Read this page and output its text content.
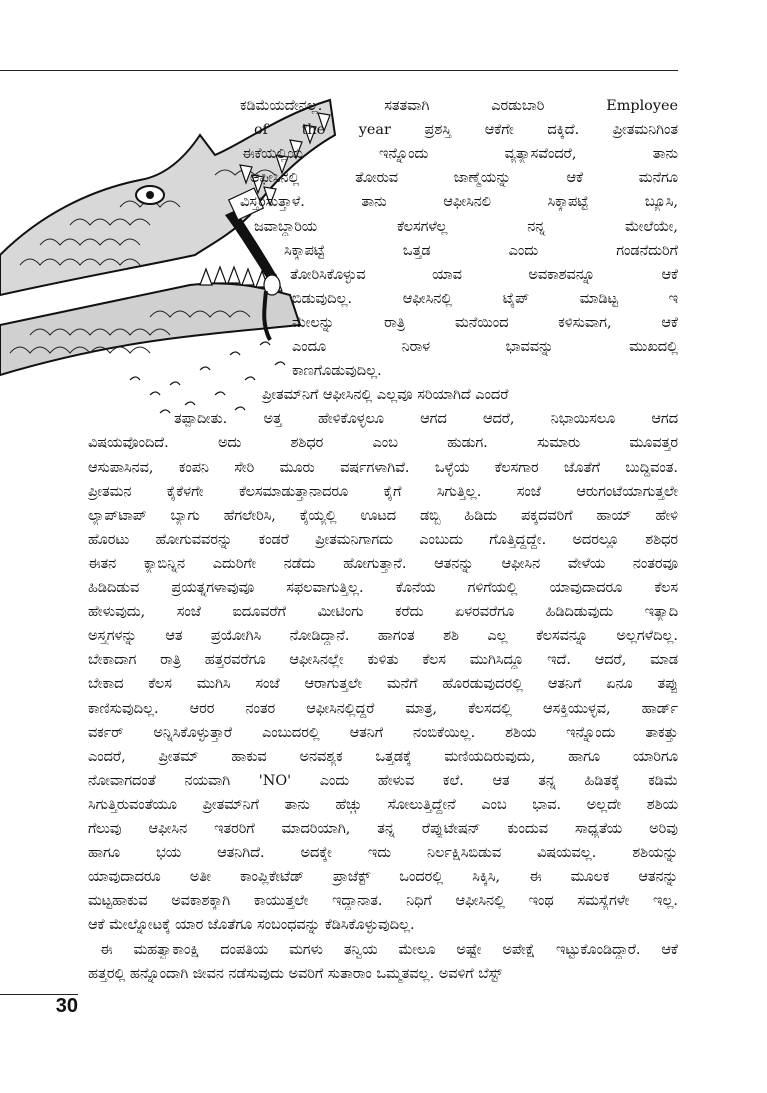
ಕಡಿಮೆಯದೇನಲ್ಲ. ಸತತವಾಗಿ ಎರಡುಬಾರಿ Employee
of the year ಪ್ರಶಸ್ತಿ ಆಕೆಗೇ ದಕ್ಕಿದೆ. ಪ್ರೀತಮನಿಗಿಂತ
ಈಕೆಯಲ್ಲಿಯ ಇನ್ನೊಂದು ವ್ಯತ್ಯಾಸವೆಂದರೆ, ತಾನು
ಆಫೀಸಿನಲ್ಲಿ ತೋರುವ ಜಾಣ್ಮೆಯನ್ನು ಆಕೆ ಮನೆಗೂ
ವಿಸ್ತರಿಸುತ್ತಾಳೆ. ತಾನು ಆಫೀಸಿನಲಿ ಸಿಕ್ಕಾಪಟ್ಟೆ ಬ್ಯೂಸಿ,
ಜವಾಬ್ದಾರಿಯ ಕೆಲಸಗಳೆಲ್ಲ ನನ್ನ ಮೇಲೆಯೇ,
ಸಿಕ್ಕಾಪಟ್ಟೆ ಒತ್ತಡ ಎಂದು ಗಂಡನೆದುರಿಗೆ
ತೋರಿಸಿಕೊಳ್ಳುವ ಯಾವ ಅವಕಾಶವನ್ನೂ ಆಕೆ
ಬಿಡುವುದಿಲ್ಲ. ಆಫೀಸಿನಲ್ಲಿ ಟೈಪ್ ಮಾಡಿಟ್ಟ ಇ
ಮೇಲನ್ನು ರಾತ್ರಿ ಮನೆಯಿಂದ ಕಳಿಸುವಾಗ, ಆಕೆ
ಎಂದೂ ನಿರಾಳ ಭಾವವನ್ನು ಮುಖದಲ್ಲಿ
ಕಾಣಗೊಡುವುದಿಲ್ಲ.
ಪ್ರೀತಮ್‌ನಿಗೆ ಆಫೀಸಿನಲ್ಲಿ ಎಲ್ಲವೂ ಸರಿಯಾಗಿದೆ ಎಂದರೆ
ತಪ್ಪಾದೀತು. ಅತ್ತ ಹೇಳಿಕೊಳ್ಳಲೂ ಆಗದ ಆದರೆ, ನಿಭಾಯಿಸಲೂ ಆಗದ
ವಿಷಯವೊಂದಿದೆ. ಅದು ಶಶಿಧರ ಎಂಬ ಹುಡುಗ. ಸುಮಾರು ಮೂವತ್ತರ
ಆಸುಪಾಸಿನವ, ಕಂಪನಿ ಸೇರಿ ಮೂರು ವರ್ಷಗಳಾಗಿವೆ. ಒಳ್ಳೆಯ ಕೆಲಸಗಾರ ಜೊತೆಗೆ ಬುದ್ಧಿವಂತ.
ಪ್ರೀತಮನ ಕೈಕೆಳಗೇ ಕೆಲಸಮಾಡುತ್ತಾನಾದರೂ ಕೈಗೆ ಸಿಗುತ್ತಿಲ್ಲ. ಸಂಜೆ ಆರುಗಂಟೆಯಾಗುತ್ತಲೇ
ಲ್ಯಾಪ್‌ಟಾಪ್ ಬ್ಯಾಗು ಹೆಗಲೇರಿಸಿ, ಕೈಯ್ಯಲ್ಲಿ ಊಟದ ಡಬ್ಬಿ ಹಿಡಿದು ಪಕ್ಕದವರಿಗೆ ಹಾಯ್ ಹೇಳಿ
ಹೊರಟು ಹೋಗುವವರನ್ನು ಕಂಡರೆ ಪ್ರೀತಮನಿಗಾಗದು ಎಂಬುದು ಗೊತ್ತಿದ್ದದ್ದೇ. ಅದರಲ್ಲೂ ಶಶಿಧರ
ಈತನ ಕ್ಯಾಬಿನ್ನಿನ ಎದುರಿಗೇ ನಡೆದು ಹೋಗುತ್ತಾನೆ. ಆತನನ್ನು ಆಫೀಸಿನ ವೇಳೆಯ ನಂತರವೂ
ಹಿಡಿದಿಡುವ ಪ್ರಯತ್ನಗಳಾವುವೂ ಸಫಲವಾಗುತ್ತಿಲ್ಲ. ಕೊನೆಯ ಗಳಿಗೆಯಲ್ಲಿ ಯಾವುದಾದರೂ ಕೆಲಸ
ಹೇಳುವುದು, ಸಂಜೆ ಐದೂವರೆಗೆ ಮೀಟಿಂಗು ಕರೆದು ಏಳರವರೆಗೂ ಹಿಡಿದಿಡುವುದು ಇತ್ಯಾದಿ
ಅಸ್ತ್ರಗಳನ್ನು ಆತ ಪ್ರಯೋಗಿಸಿ ನೋಡಿದ್ದಾನೆ. ಹಾಗಂತ ಶಶಿ ಎಲ್ಲ ಕೆಲಸವನ್ನೂ ಅಲ್ಲಗಳೆದಿಲ್ಲ.
ಬೇಕಾದಾಗ ರಾತ್ರಿ ಹತ್ತರವರೆಗೂ ಆಫೀಸಿನಲ್ಲೇ ಕುಳಿತು ಕೆಲಸ ಮುಗಿಸಿದ್ದೂ ಇದೆ. ಆದರೆ, ಮಾಡ
ಬೇಕಾದ ಕೆಲಸ ಮುಗಿಸಿ ಸಂಜೆ ಆರಾಗುತ್ತಲೇ ಮನೆಗೆ ಹೊರಡುವುದರಲ್ಲಿ ಆತನಿಗೆ ಏನೂ ತಪ್ಪು
ಕಾಣಿಸುವುದಿಲ್ಲ. ಆರರ ನಂತರ ಆಫೀಸಿನಲ್ಲಿದ್ದರೆ ಮಾತ್ರ, ಕೆಲಸದಲ್ಲಿ ಆಸಕ್ತಿಯುಳ್ಳವ, ಹಾರ್ಡ್
ವರ್ಕರ್ ಅನ್ನಿಸಿಕೊಳ್ಳುತ್ತಾರೆ ಎಂಬುದರಲ್ಲಿ ಆತನಿಗೆ ನಂಬಿಕೆಯಿಲ್ಲ. ಶಶಿಯ ಇನ್ನೊಂದು ತಾಕತ್ತು
ಎಂದರೆ, ಪ್ರೀತಮ್ ಹಾಕುವ ಅನವಶ್ಯಕ ಒತ್ತಡಕ್ಕೆ ಮಣಿಯದಿರುವುದು, ಹಾಗೂ ಯಾರಿಗೂ
ನೋವಾಗದಂತೆ ನಯವಾಗಿ 'NO' ಎಂದು ಹೇಳುವ ಕಲೆ. ಆತ ತನ್ನ ಹಿಡಿತಕ್ಕೆ ಕಡಿಮೆ
ಸಿಗುತ್ತಿರುವಂತೆಯೂ ಪ್ರೀತಮ್‌ನಿಗೆ ತಾನು ಹೆಚ್ಚು ಸೋಲುತ್ತಿದ್ದೇನೆ ಎಂಬ ಭಾವ. ಅಲ್ಲದೇ ಶಶಿಯ
ಗೆಲುವು ಆಫೀಸಿನ ಇತರರಿಗೆ ಮಾದರಿಯಾಗಿ, ತನ್ನ ರೆಪ್ಯುಟೇಷನ್ ಕುಂದುವ ಸಾಧ್ಯತೆಯ ಅರಿವು
ಹಾಗೂ ಭಯ ಆತನಿಗಿದೆ. ಅದಕ್ಕೇ ಇದು ನಿರ್ಲಕ್ಷಿಸಿಬಿಡುವ ವಿಷಯವಲ್ಲ. ಶಶಿಯನ್ನು
ಯಾವುದಾದರೂ ಅತೀ ಕಾಂಪ್ಲಿಕೇಟೆಡ್ ಪ್ರಾಜೆಕ್ಟ್ ಒಂದರಲ್ಲಿ ಸಿಕ್ಕಿಸಿ, ಈ ಮೂಲಕ ಆತನನ್ನು
ಮಟ್ಟಹಾಕುವ ಅವಕಾಶಕ್ಕಾಗಿ ಕಾಯುತ್ತಲೇ ಇದ್ದಾನಾತ. ನಿಧಿಗೆ ಆಫೀಸಿನಲ್ಲಿ ಇಂಥ ಸಮಸ್ಯೆಗಳೇ ಇಲ್ಲ.
ಆಕೆ ಮೇಲ್ನೋಟಕ್ಕೆ ಯಾರ ಜೊತೆಗೂ ಸಂಬಂಧವನ್ನು ಕೆಡಿಸಿಕೊಳ್ಳುವುದಿಲ್ಲ.
ಈ ಮಹತ್ವಾಕಾಂಕ್ಷಿ ದಂಪತಿಯ ಮಗಳು ತನ್ವಿಯ ಮೇಲೂ ಅಷ್ಟೇ ಅಪೇಕ್ಷೆ ಇಟ್ಟುಕೊಂಡಿದ್ದಾರೆ. ಆಕೆ
ಹತ್ತರಲ್ಲಿ ಹನ್ನೊಂದಾಗಿ ಜೀವನ ನಡೆಸುವುದು ಅವರಿಗೆ ಸುತಾರಾಂ ಒಮ್ಮತವಲ್ಲ. ಅವಳಿಗೆ ಬೆಸ್ಟ್
30
